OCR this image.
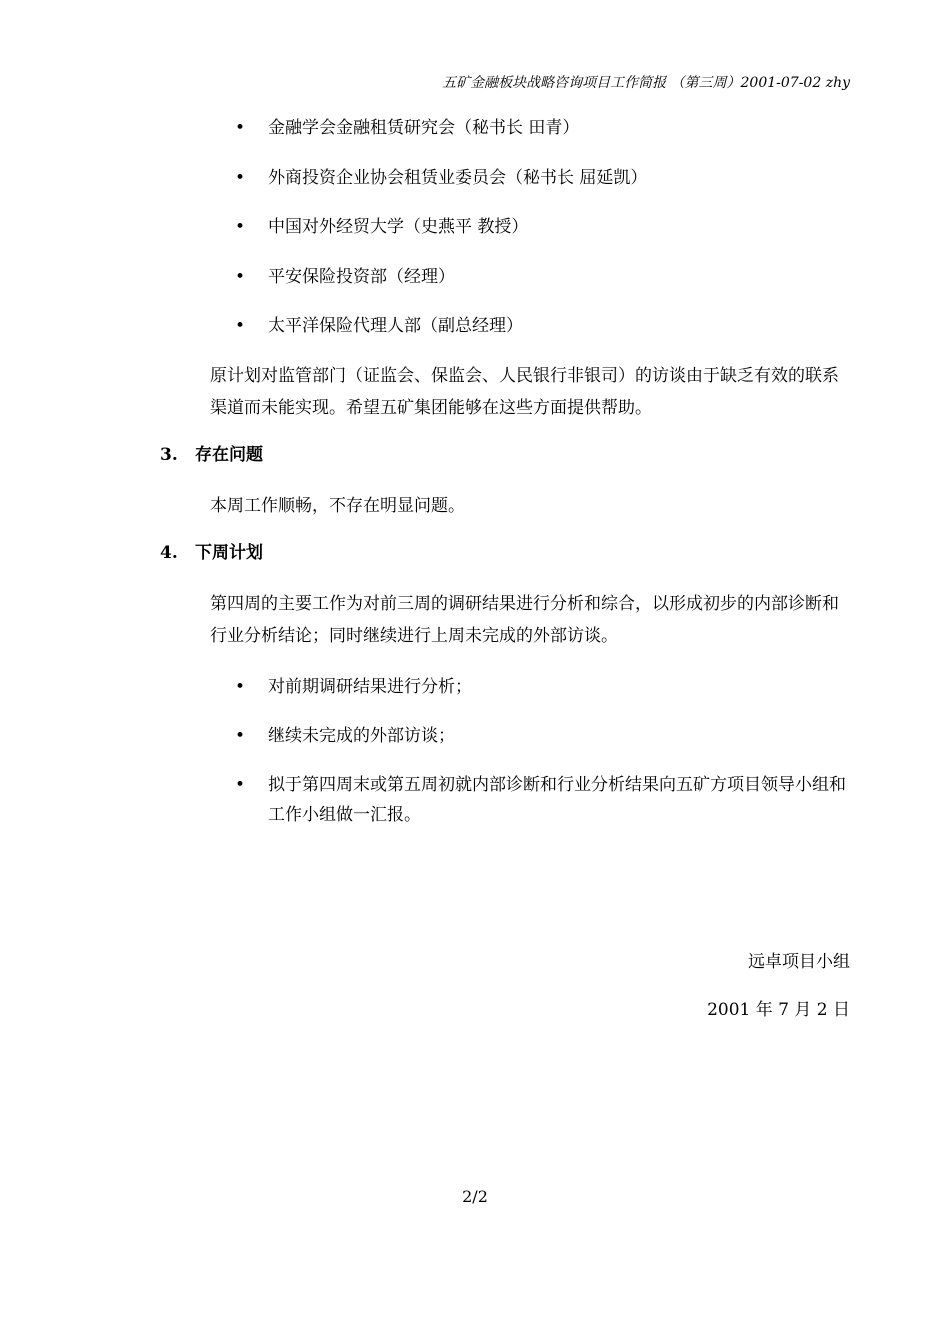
五矿金融板块战略咨询项目工作简报 （第三周）2001-07-02 zhy
• 金融学会金融租赁研究会（秘书长 田青）
• 外商投资企业协会租赁业委员会（秘书长 屈延凯）
• 中国对外经贸大学（史燕平 教授）
• 平安保险投资部（经理）
• 太平洋保险代理人部（副总经理）

原计划对监管部门（证监会、保监会、人民银行非银司）的访谈由于缺乏有效的联系渠道而未能实现。希望五矿集团能够在这些方面提供帮助。

3. 存在问题

本周工作顺畅，不存在明显问题。

4. 下周计划

第四周的主要工作为对前三周的调研结果进行分析和综合，以形成初步的内部诊断和行业分析结论；同时继续进行上周未完成的外部访谈。

• 对前期调研结果进行分析；
• 继续未完成的外部访谈；
• 拟于第四周末或第五周初就内部诊断和行业分析结果向五矿方项目领导小组和工作小组做一汇报。
远卓项目小组
2001 年 7 月 2 日
2/2
